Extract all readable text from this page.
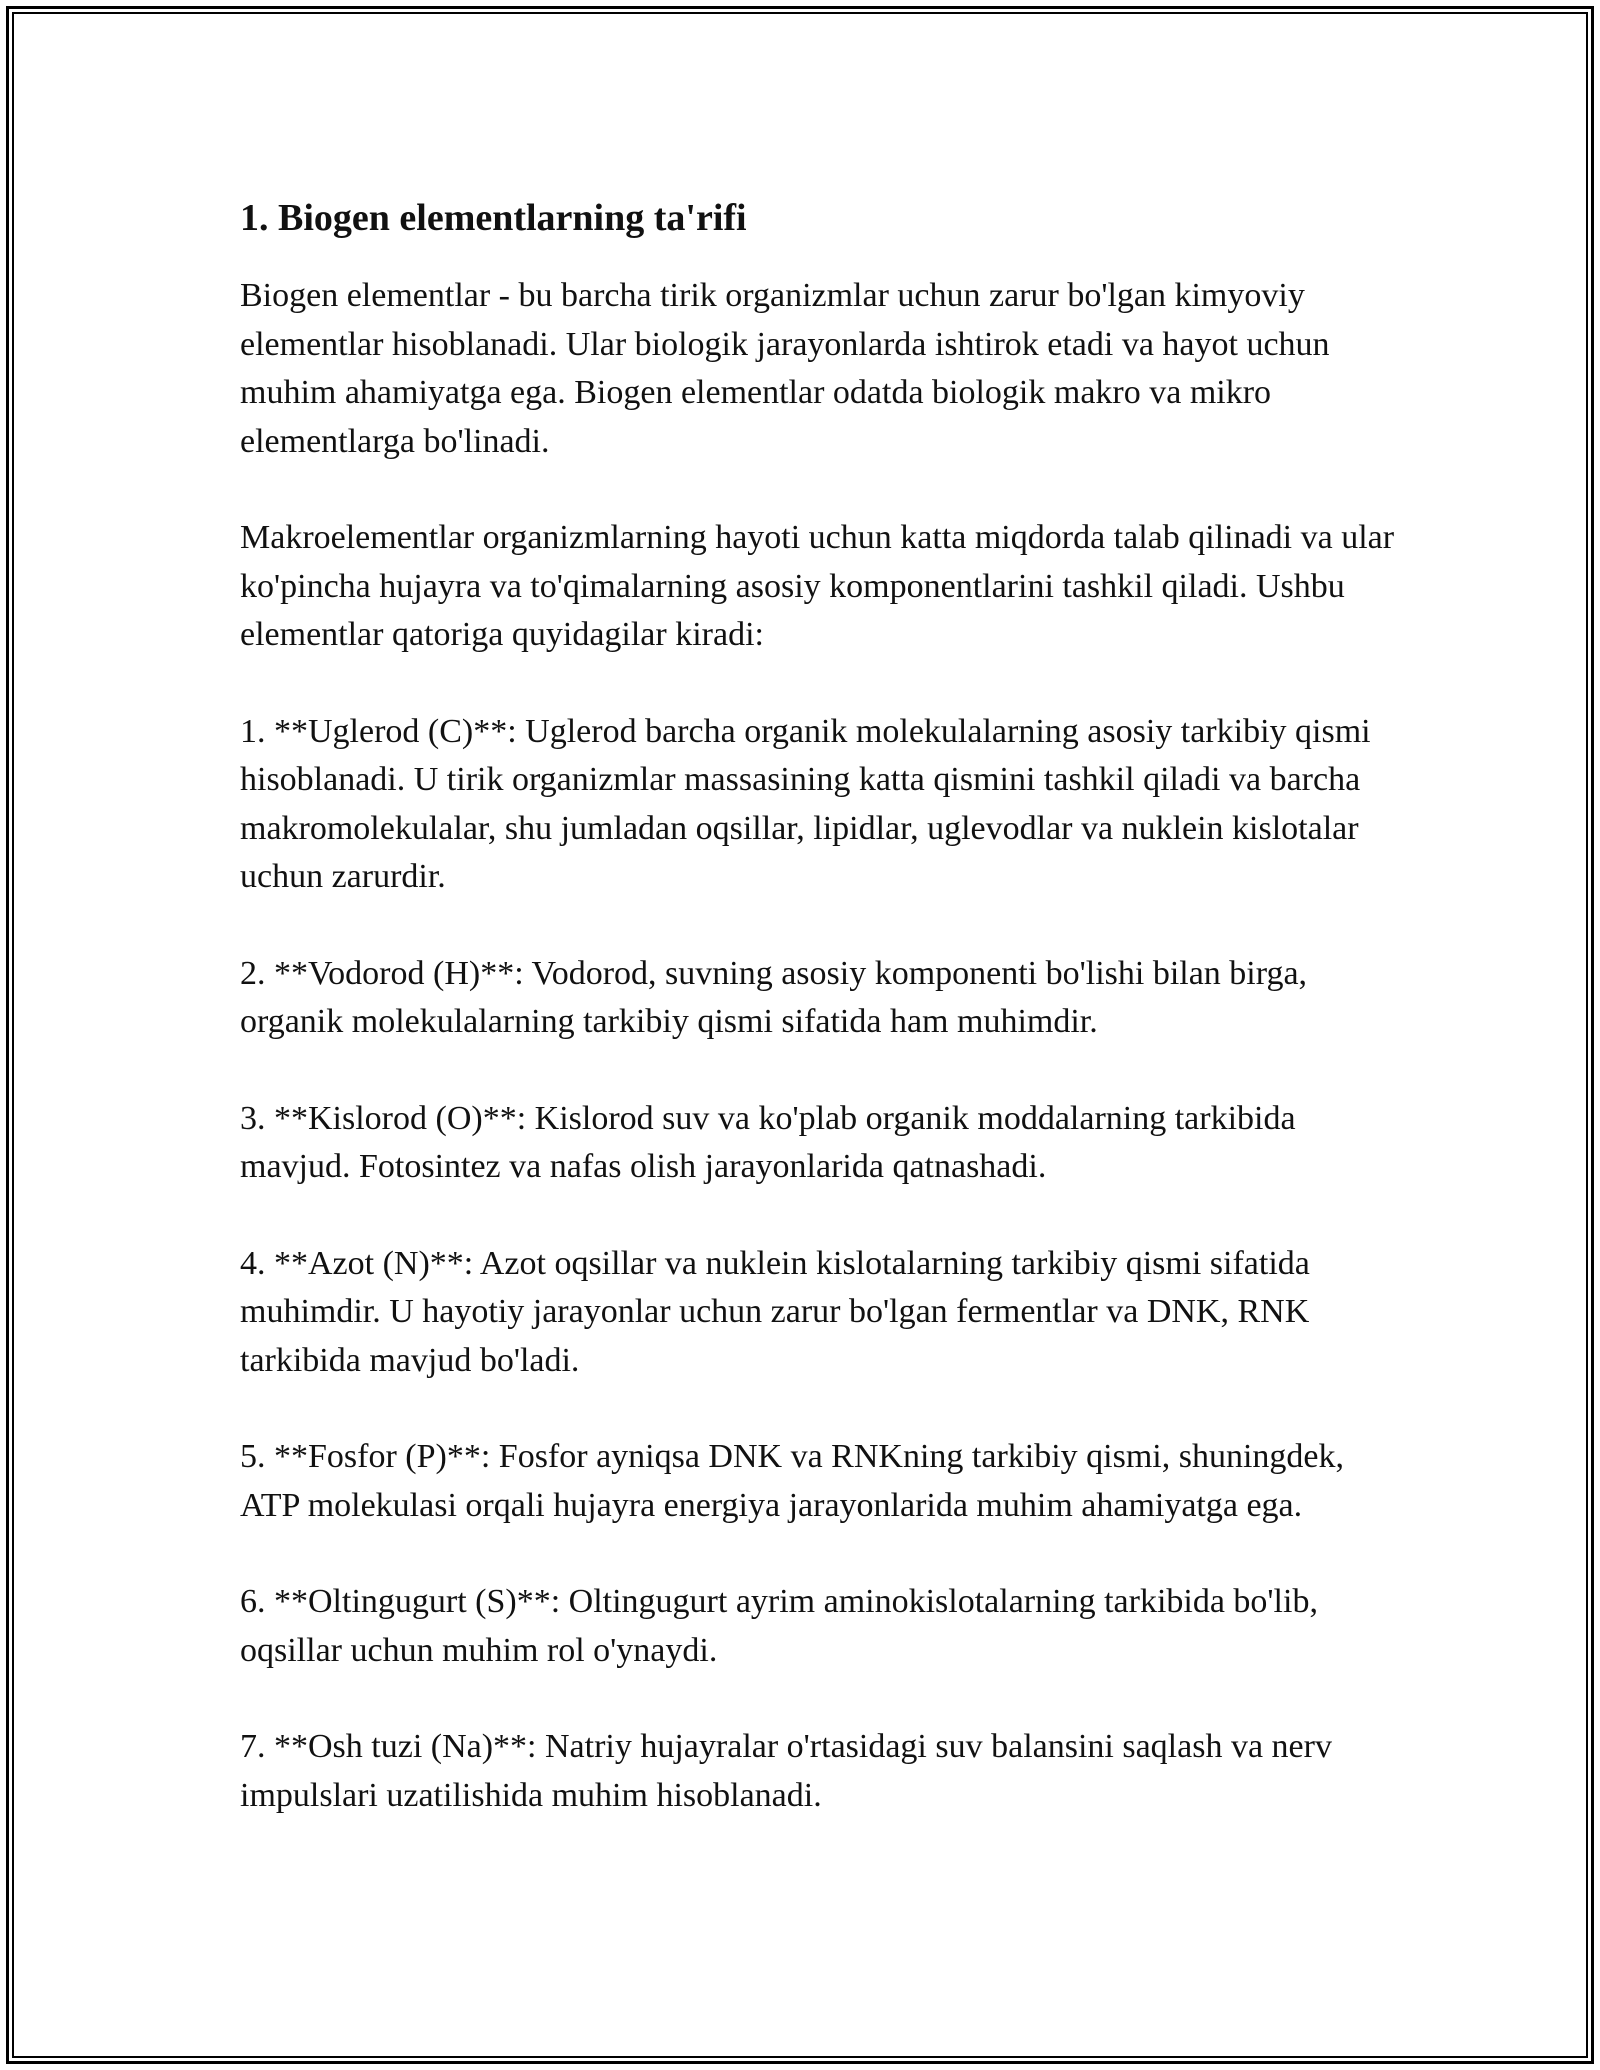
1. Biogen elementlarning ta'rifi

Biogen elementlar - bu barcha tirik organizmlar uchun zarur bo'lgan kimyoviy elementlar hisoblanadi. Ular biologik jarayonlarda ishtirok etadi va hayot uchun muhim ahamiyatga ega. Biogen elementlar odatda biologik makro va mikro elementlarga bo'linadi.

Makroelementlar organizmlarning hayoti uchun katta miqdorda talab qilinadi va ular ko'pincha hujayra va to'qimalarning asosiy komponentlarini tashkil qiladi. Ushbu elementlar qatoriga quyidagilar kiradi:

1. **Uglerod (C)**: Uglerod barcha organik molekulalarning asosiy tarkibiy qismi hisoblanadi. U tirik organizmlar massasining katta qismini tashkil qiladi va barcha makromolekulalar, shu jumladan oqsillar, lipidlar, uglevodlar va nuklein kislotalar uchun zarurdir.

2. **Vodorod (H)**: Vodorod, suvning asosiy komponenti bo'lishi bilan birga, organik molekulalarning tarkibiy qismi sifatida ham muhimdir.

3. **Kislorod (O)**: Kislorod suv va ko'plab organik moddalarning tarkibida mavjud. Fotosintez va nafas olish jarayonlarida qatnashadi.

4. **Azot (N)**: Azot oqsillar va nuklein kislotalarning tarkibiy qismi sifatida muhimdir. U hayotiy jarayonlar uchun zarur bo'lgan fermentlar va DNK, RNK tarkibida mavjud bo'ladi.

5. **Fosfor (P)**: Fosfor ayniqsa DNK va RNKning tarkibiy qismi, shuningdek, ATP molekulasi orqali hujayra energiya jarayonlarida muhim ahamiyatga ega.

6. **Oltingugurt (S)**: Oltingugurt ayrim aminokislotalarning tarkibida bo'lib, oqsillar uchun muhim rol o'ynaydi.

7. **Osh tuzi (Na)**: Natriy hujayralar o'rtasidagi suv balansini saqlash va nerv impulslari uzatilishida muhim hisoblanadi.
